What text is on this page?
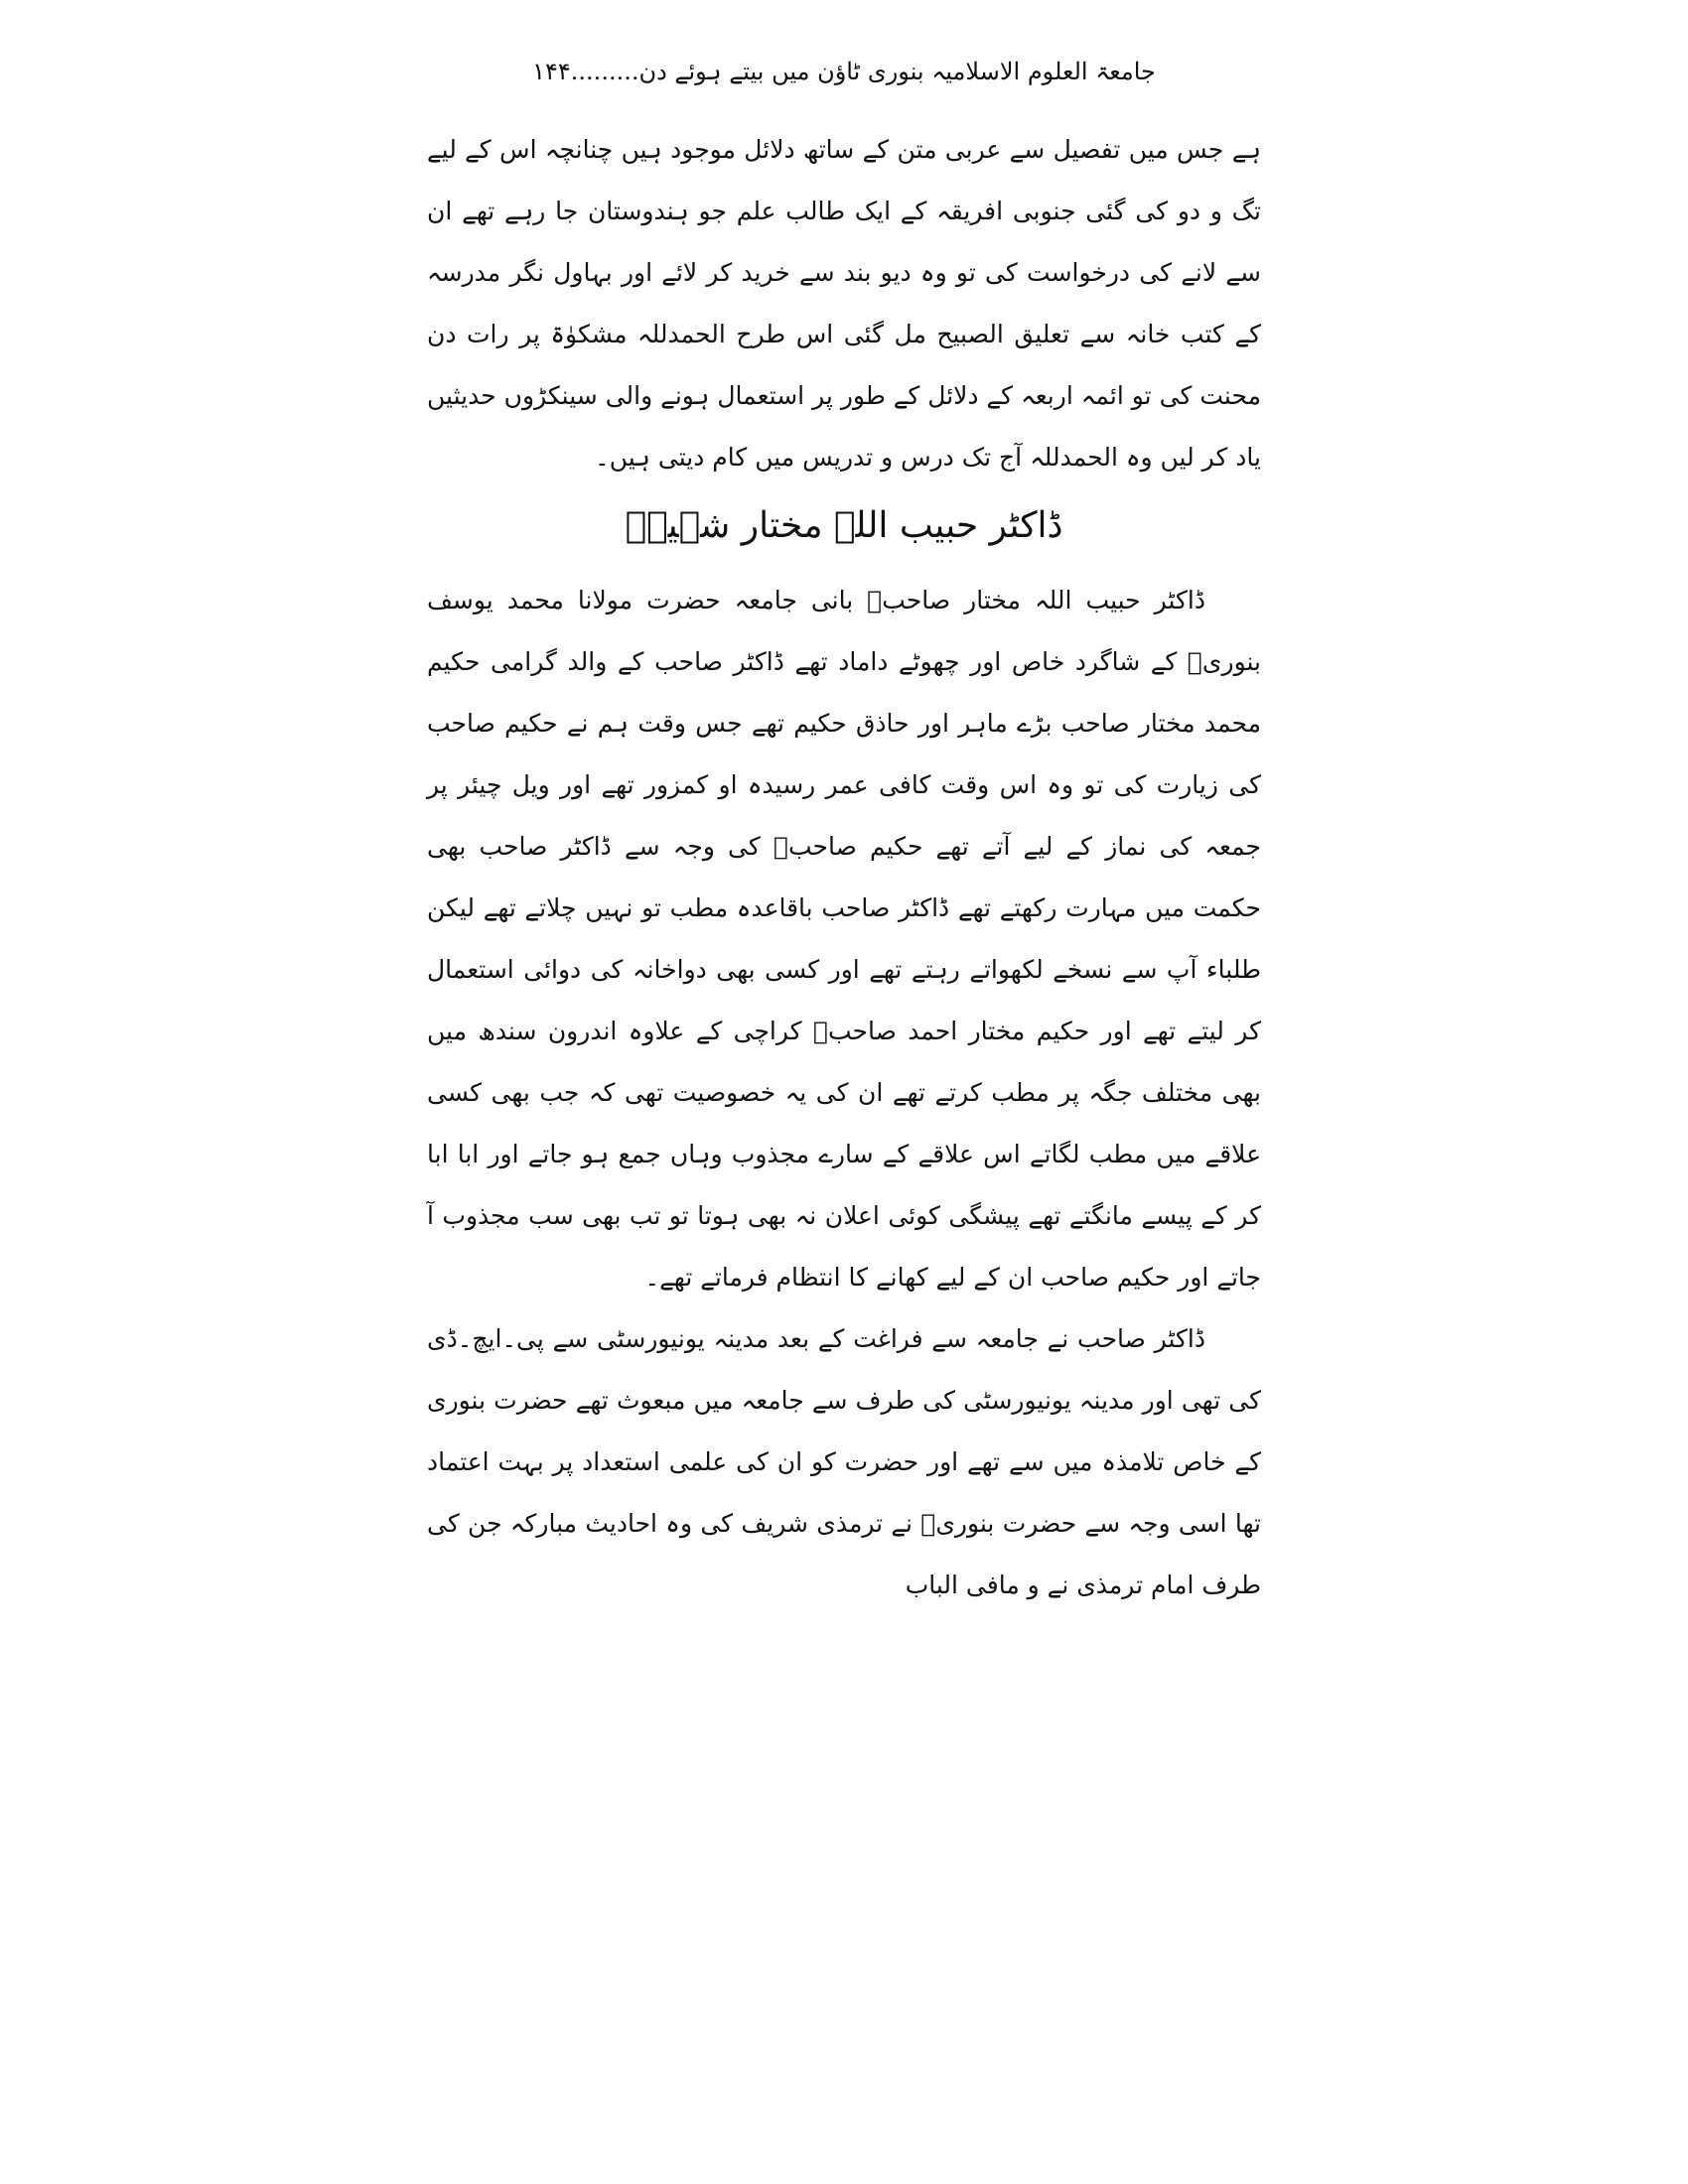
جامعۃ العلوم الاسلامیہ بنوری ٹاؤن میں بیتے ہوئے دن.........۱۴۴

ہے جس میں تفصیل سے عربی متن کے ساتھ دلائل موجود ہیں چنانچہ اس کے لیے تگ و دو کی گئی جنوبی افریقہ کے ایک طالب علم جو ہندوستان جا رہے تھے ان سے لانے کی درخواست کی تو وہ دیو بند سے خرید کر لائے اور بہاول نگر مدرسہ کے کتب خانہ سے تعلیق الصبیح مل گئی اس طرح الحمدللہ مشکوٰۃ پر رات دن محنت کی تو ائمہ اربعہ کے دلائل کے طور پر استعمال ہونے والی سینکڑوں حدیثیں یاد کر لیں وہ الحمدللہ آج تک درس و تدریس میں کام دیتی ہیں۔

ڈاکٹر حبیب اللہ مختار شہیدؒ

ڈاکٹر حبیب اللہ مختار صاحبؒ بانی جامعہ حضرت مولانا محمد یوسف بنوریؒ کے شاگرد خاص اور چھوٹے داماد تھے ڈاکٹر صاحب کے والد گرامی حکیم محمد مختار صاحب بڑے ماہر اور حاذق حکیم تھے جس وقت ہم نے حکیم صاحب کی زیارت کی تو وہ اس وقت کافی عمر رسیدہ او کمزور تھے اور ویل چیئر پر جمعہ کی نماز کے لیے آتے تھے حکیم صاحبؒ کی وجہ سے ڈاکٹر صاحب بھی حکمت میں مہارت رکھتے تھے ڈاکٹر صاحب باقاعدہ مطب تو نہیں چلاتے تھے لیکن طلباء آپ سے نسخے لکھواتے رہتے تھے اور کسی بھی دواخانہ کی دوائی استعمال کر لیتے تھے اور حکیم مختار احمد صاحبؒ کراچی کے علاوہ اندرون سندھ میں بھی مختلف جگہ پر مطب کرتے تھے ان کی یہ خصوصیت تھی کہ جب بھی کسی علاقے میں مطب لگاتے اس علاقے کے سارے مجذوب وہاں جمع ہو جاتے اور ابا ابا کر کے پیسے مانگتے تھے پیشگی کوئی اعلان نہ بھی ہوتا تو تب بھی سب مجذوب آ جاتے اور حکیم صاحب ان کے لیے کھانے کا انتظام فرماتے تھے۔

ڈاکٹر صاحب نے جامعہ سے فراغت کے بعد مدینہ یونیورسٹی سے پی۔ایچ۔ڈی کی تھی اور مدینہ یونیورسٹی کی طرف سے جامعہ میں مبعوث تھے حضرت بنوری کے خاص تلامذہ میں سے تھے اور حضرت کو ان کی علمی استعداد پر بہت اعتماد تھا اسی وجہ سے حضرت بنوریؒ نے ترمذی شریف کی وہ احادیث مبارکہ جن کی طرف امام ترمذی نے و مافی الباب
